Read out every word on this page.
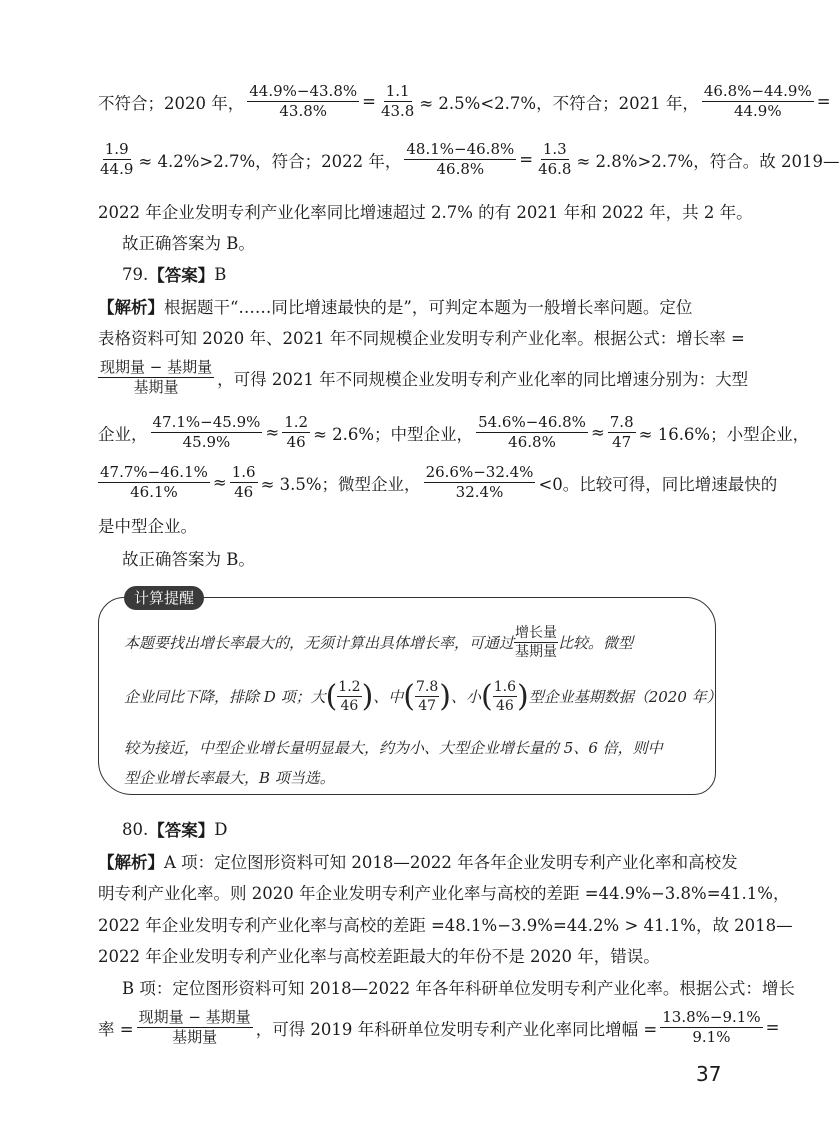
不符合；2020 年， $\frac{44.9\%-43.8\%}{43.8\%} = \frac{1.1}{43.8} \approx 2.5\%<2.7\%$，不符合；2021 年， $\frac{46.8\%-44.9\%}{44.9\%}$ =
$\frac{1.9}{44.9} \approx 4.2\%>2.7\%$，符合；2022 年， $\frac{48.1\%-46.8\%}{46.8\%} = \frac{1.3}{46.8} \approx 2.8\%>2.7\%$，符合。故 2019—
2022 年企业发明专利产业化率同比增速超过 2.7% 的有 2021 年和 2022 年，共 2 年。
故正确答案为 B。
79. 【答案】 B
【解析】 根据题干“……同比增速最快的是”，可判定本题为一般增长率问题。定位
表格资料可知 2020 年、2021 年不同规模企业发明专利产业化率。根据公式：增长率 =
$\frac{\text{现期量 − 基期量}}{\text{基期量}}$ ，可得 2021 年不同规模企业发明专利产业化率的同比增速分别为：大型
企业， $\frac{47.1\%-45.9\%}{45.9\%} \approx \frac{1.2}{46} \approx 2.6\%$；中型企业， $\frac{54.6\%-46.8\%}{46.8\%} \approx \frac{7.8}{47} \approx 16.6\%$；小型企业，
$\frac{47.7\%-46.1\%}{46.1\%} \approx \frac{1.6}{46} \approx 3.5\%$；微型企业， $\frac{26.6\%-32.4\%}{32.4\%} <0$。比较可得，同比增速最快的
是中型企业。
故正确答案为 B。
计算提醒
本题要找出增长率最大的，无须计算出具体增长率，可通过 $\frac{\text{增长量}}{\text{基期量}}$ 比较。微型
企业同比下降，排除 D 项；大 ( $\frac{1.2}{46}$ ) 、中 ( $\frac{7.8}{47}$ ) 、小 ( $\frac{1.6}{46}$ ) 型企业基期数据（2020 年）
较为接近，中型企业增长量明显最大，约为小、大型企业增长量的 5、6 倍，则中
型企业增长率最大，B 项当选。
80. 【答案】 D
【解析】 A 项：定位图形资料可知 2018—2022 年各年企业发明专利产业化率和高校发
明专利产业化率。则 2020 年企业发明专利产业化率与高校的差距 =44.9%−3.8%=41.1%，
2022 年企业发明专利产业化率与高校的差距 =48.1%−3.9%=44.2% > 41.1%，故 2018—
2022 年企业发明专利产业化率与高校差距最大的年份不是 2020 年，错误。
B 项：定位图形资料可知 2018—2022 年各年科研单位发明专利产业化率。根据公式：增长
率 = $\frac{\text{现期量 − 基期量}}{\text{基期量}}$ ，可得 2019 年科研单位发明专利产业化率同比增幅 = $\frac{13.8\%-9.1\%}{9.1\%}$ =
37
